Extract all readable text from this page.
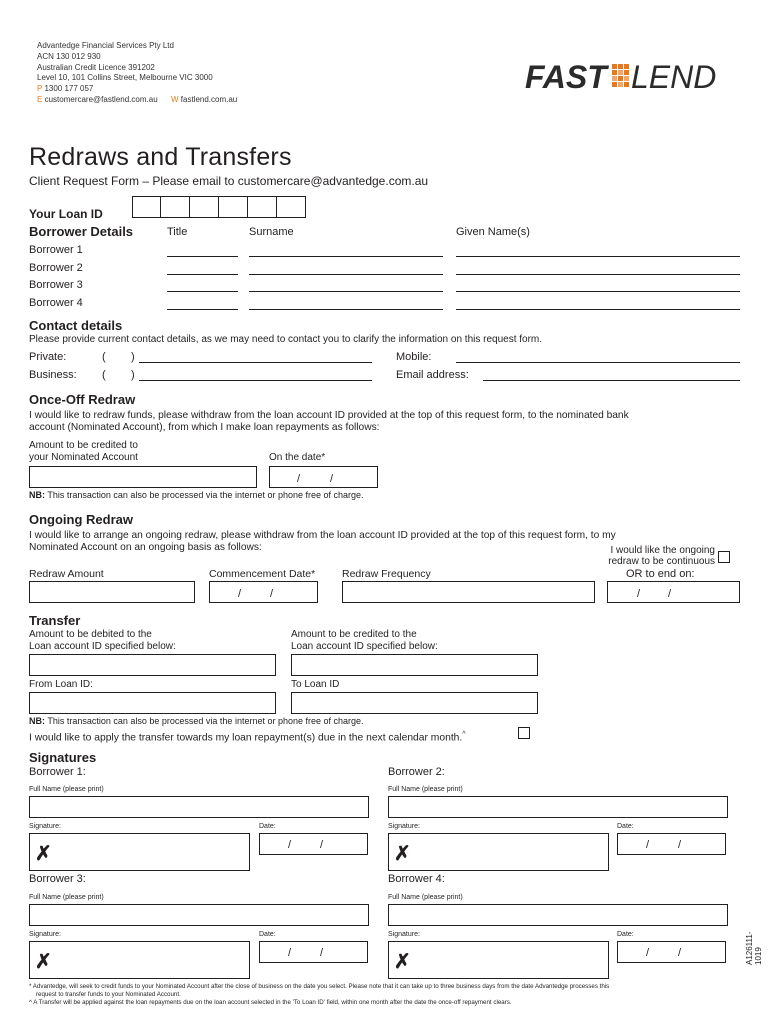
Advantedge Financial Services Pty Ltd
ACN 130 012 930
Australian Credit Licence 391202
Level 10, 101 Collins Street, Melbourne VIC 3000
P 1300 177 057
E customercare@fastlend.com.au W fastlend.com.au
FAST LEND
Redraws and Transfers
Client Request Form – Please email to customercare@advantedge.com.au
Your Loan ID
Borrower Details	Title	Surname	Given Name(s)
Borrower 1
Borrower 2
Borrower 3
Borrower 4
Contact details
Please provide current contact details, as we may need to contact you to clarify the information on this request form.
Private:	( )	Mobile:
Business: ( )	Email address:
Once-Off Redraw
I would like to redraw funds, please withdraw from the loan account ID provided at the top of this request form, to the nominated bank
account (Nominated Account), from which I make loan repayments as follows:
Amount to be credited to
your Nominated Account	On the date*
/	/
NB: This transaction can also be processed via the internet or phone free of charge.
Ongoing Redraw
I would like to arrange an ongoing redraw, please withdraw from the loan account ID provided at the top of this request form, to my
Nominated Account on an ongoing basis as follows:	I would like the ongoing
redraw to be continuous
OR to end on:
Redraw Amount	Commencement Date*	Redraw Frequency
/	/	/	/
Transfer
Amount to be debited to the
Loan account ID specified below:
Amount to be credited to the
Loan account ID specified below:
From Loan ID:	To Loan ID
NB: This transaction can also be processed via the internet or phone free of charge.
I would like to apply the transfer towards my loan repayment(s) due in the next calendar month.^
Signatures
Borrower 1:
Full Name (please print)
Signature:	Date:
✗	/	/
Borrower 2:
Full Name (please print)
Signature:	Date:
✗	/	/
Borrower 3:
Full Name (please print)
Signature:	Date:
✗	/	/
Borrower 4:
Full Name (please print)
Signature:	Date:
✗	/	/	A126111-1019
* Advantedge, will seek to credit funds to your Nominated Account after the close of business on the date you select. Please note that it can take up to three business days from the date Advantedge processes this
request to transfer funds to your Nominated Account.
^ A Transfer will be applied against the loan repayments due on the loan account selected in the 'To Loan ID' field, within one month after the date the once-off repayment clears.
